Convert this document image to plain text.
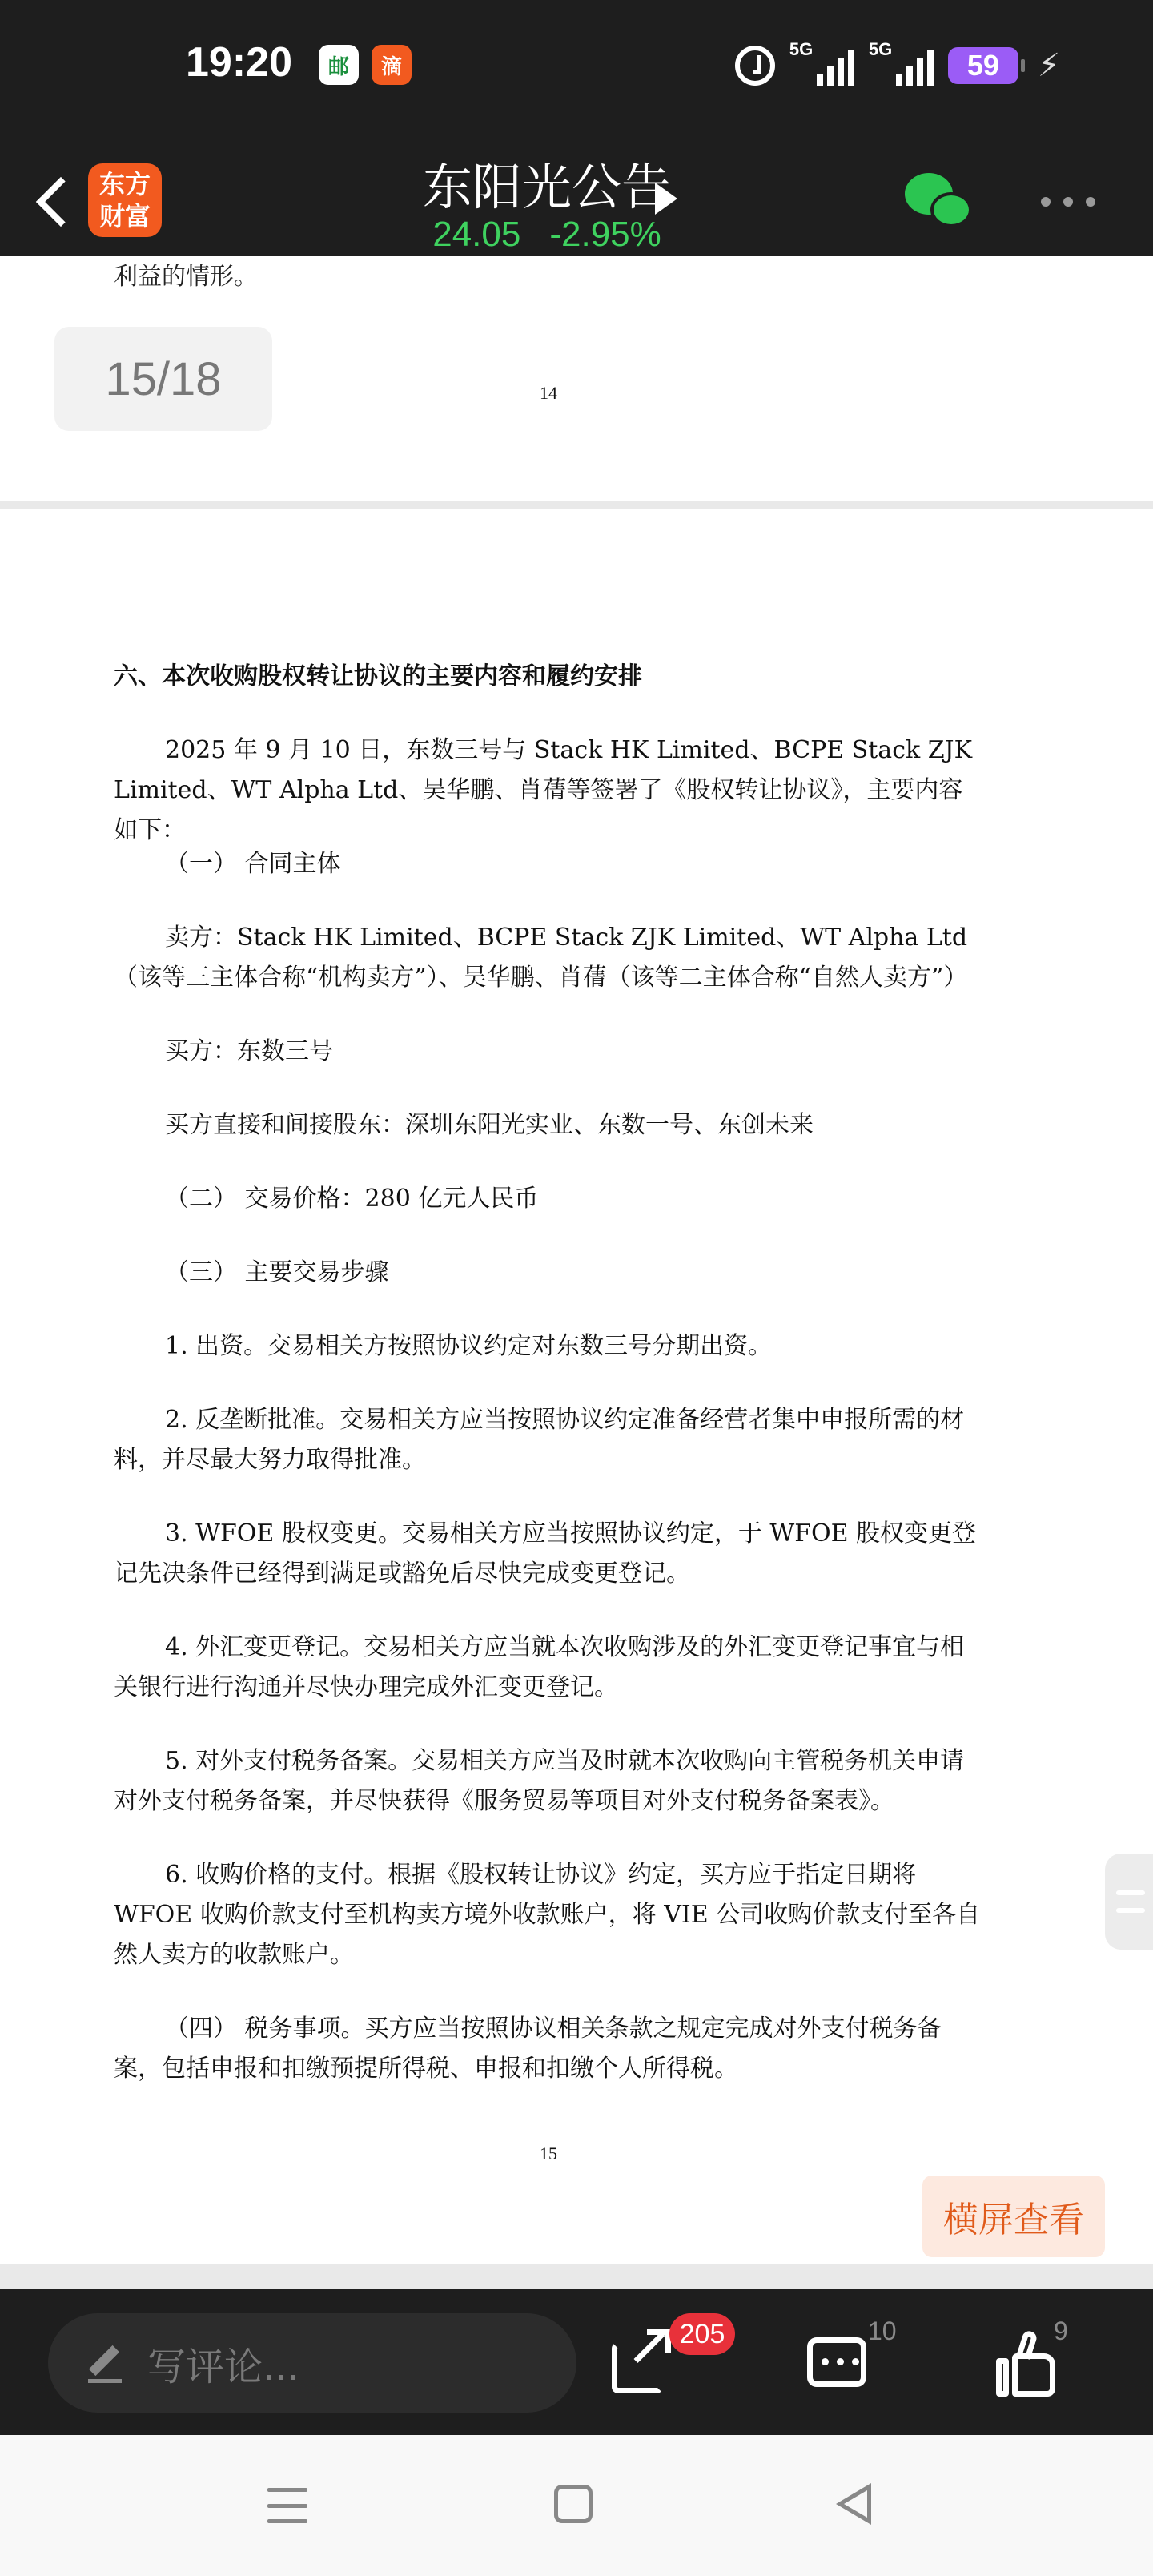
19:20	邮	滴
5G	5G	59	⚡
东方
财富	东阳光公告
24.05 -2.95%
15/18	14
利益的情形。
六、本次收购股权转让协议的主要内容和履约安排
2025 年 9 月 10 日，东数三号与 Stack HK Limited、BCPE Stack ZJK Limited、WT Alpha Ltd、吴华鹏、肖蒨等签署了《股权转让协议》，主要内容如下：
（一） 合同主体
卖方：Stack HK Limited、BCPE Stack ZJK Limited、WT Alpha Ltd（该等三主体合称“机构卖方”）、吴华鹏、肖蒨（该等二主体合称“自然人卖方”）
买方：东数三号
买方直接和间接股东：深圳东阳光实业、东数一号、东创未来
（二） 交易价格：280 亿元人民币
（三） 主要交易步骤
1. 出资。交易相关方按照协议约定对东数三号分期出资。
2. 反垄断批准。交易相关方应当按照协议约定准备经营者集中申报所需的材料，并尽最大努力取得批准。
3. WFOE 股权变更。交易相关方应当按照协议约定，于 WFOE 股权变更登记先决条件已经得到满足或豁免后尽快完成变更登记。
4. 外汇变更登记。交易相关方应当就本次收购涉及的外汇变更登记事宜与相关银行进行沟通并尽快办理完成外汇变更登记。
5. 对外支付税务备案。交易相关方应当及时就本次收购向主管税务机关申请对外支付税务备案，并尽快获得《服务贸易等项目对外支付税务备案表》。
6. 收购价格的支付。根据《股权转让协议》约定，买方应于指定日期将 WFOE 收购价款支付至机构卖方境外收款账户，将 VIE 公司收购价款支付至各自然人卖方的收款账户。
（四） 税务事项。买方应当按照协议相关条款之规定完成对外支付税务备案，包括申报和扣缴预提所得税、申报和扣缴个人所得税。
15
横屏查看
写评论...
205	10	9
